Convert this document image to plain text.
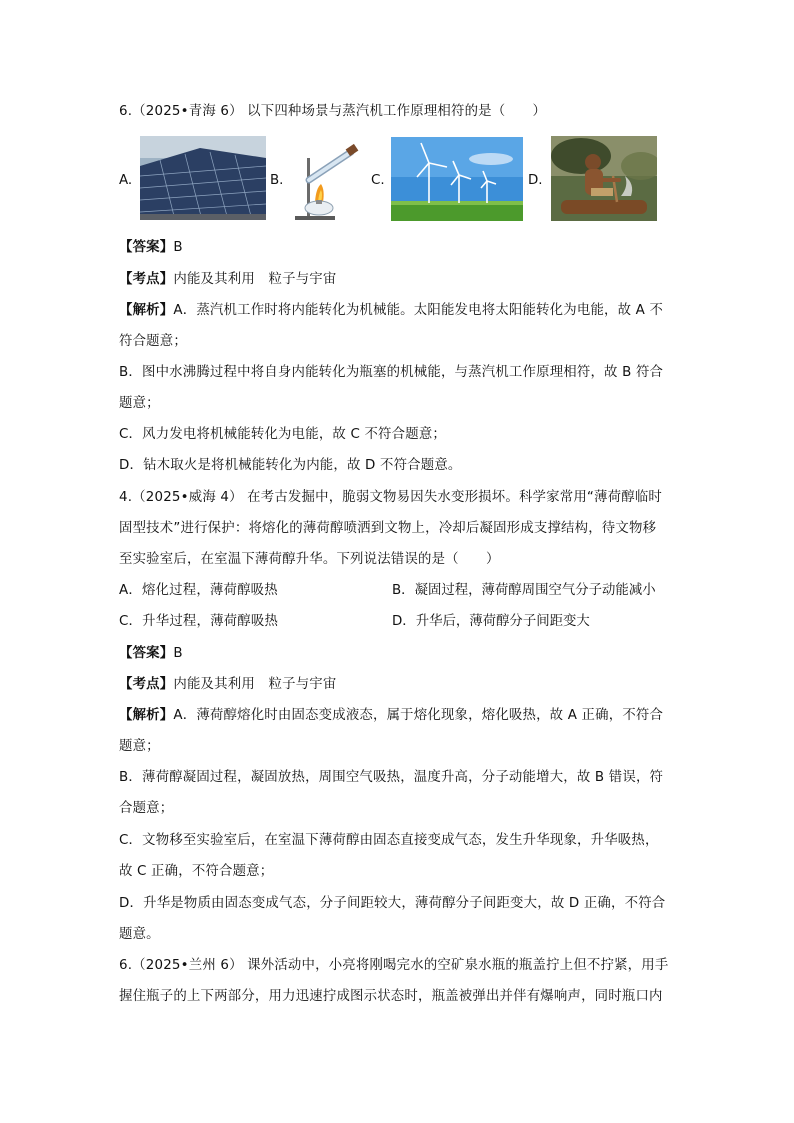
6.（2025•青海 6） 以下四种场景与蒸汽机工作原理相符的是（　　）
A.	B.	C.	D.
【答案】B
【考点】内能及其利用　粒子与宇宙
【解析】A．蒸汽机工作时将内能转化为机械能。太阳能发电将太阳能转化为电能，故 A 不
符合题意；
B．图中水沸腾过程中将自身内能转化为瓶塞的机械能，与蒸汽机工作原理相符，故 B 符合
题意；
C．风力发电将机械能转化为电能，故 C 不符合题意；
D．钻木取火是将机械能转化为内能，故 D 不符合题意。
4.（2025•威海 4） 在考古发掘中，脆弱文物易因失水变形损坏。科学家常用“薄荷醇临时
固型技术”进行保护：将熔化的薄荷醇喷洒到文物上，冷却后凝固形成支撑结构，待文物移
至实验室后，在室温下薄荷醇升华。下列说法错误的是（　　）
A．熔化过程，薄荷醇吸热	B．凝固过程，薄荷醇周围空气分子动能减小
C．升华过程，薄荷醇吸热	D．升华后，薄荷醇分子间距变大
【答案】B
【考点】内能及其利用　粒子与宇宙
【解析】A．薄荷醇熔化时由固态变成液态，属于熔化现象，熔化吸热，故 A 正确，不符合
题意；
B．薄荷醇凝固过程，凝固放热，周围空气吸热，温度升高，分子动能增大，故 B 错误，符
合题意；
C．文物移至实验室后，在室温下薄荷醇由固态直接变成气态，发生升华现象，升华吸热，
故 C 正确，不符合题意；
D．升华是物质由固态变成气态，分子间距较大，薄荷醇分子间距变大，故 D 正确，不符合
题意。
6.（2025•兰州 6） 课外活动中，小亮将刚喝完水的空矿泉水瓶的瓶盖拧上但不拧紧，用手
握住瓶子的上下两部分，用力迅速拧成图示状态时，瓶盖被弹出并伴有爆响声，同时瓶口内
